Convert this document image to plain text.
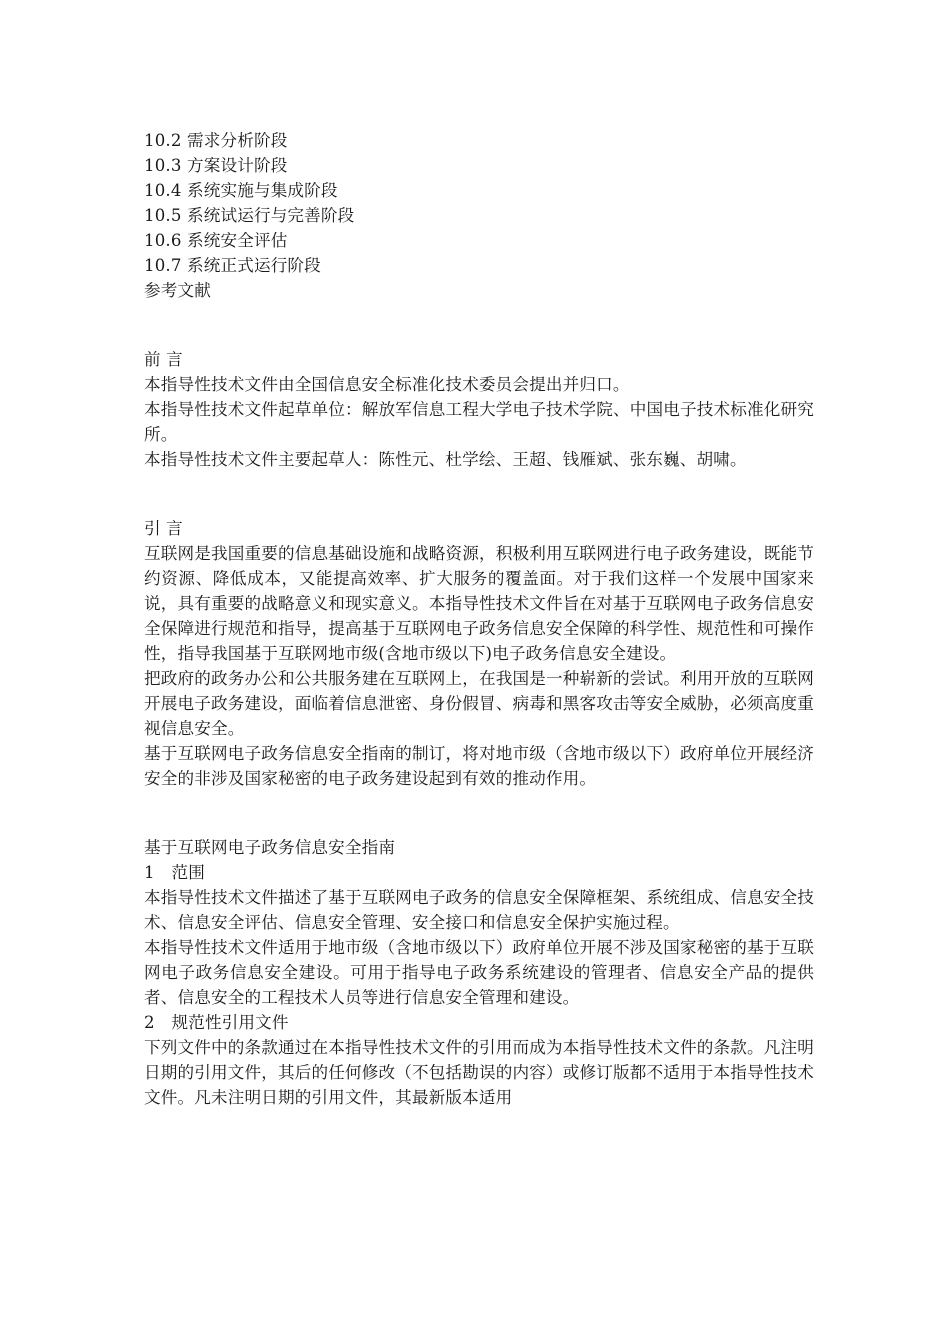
10.2 需求分析阶段
10.3 方案设计阶段
10.4 系统实施与集成阶段
10.5 系统试运行与完善阶段
10.6 系统安全评估
10.7 系统正式运行阶段
参考文献
前 言
本指导性技术文件由全国信息安全标准化技术委员会提出并归口。
本指导性技术文件起草单位：解放军信息工程大学电子技术学院、中国电子技术标准化研究所。
本指导性技术文件主要起草人：陈性元、杜学绘、王超、钱雁斌、张东巍、胡啸。
引 言
互联网是我国重要的信息基础设施和战略资源，积极利用互联网进行电子政务建设，既能节约资源、降低成本，又能提高效率、扩大服务的覆盖面。对于我们这样一个发展中国家来说，具有重要的战略意义和现实意义。本指导性技术文件旨在对基于互联网电子政务信息安全保障进行规范和指导，提高基于互联网电子政务信息安全保障的科学性、规范性和可操作性，指导我国基于互联网地市级(含地市级以下)电子政务信息安全建设。
把政府的政务办公和公共服务建在互联网上，在我国是一种崭新的尝试。利用开放的互联网开展电子政务建设，面临着信息泄密、身份假冒、病毒和黑客攻击等安全威胁，必须高度重视信息安全。
基于互联网电子政务信息安全指南的制订，将对地市级（含地市级以下）政府单位开展经济安全的非涉及国家秘密的电子政务建设起到有效的推动作用。
基于互联网电子政务信息安全指南
1　范围
本指导性技术文件描述了基于互联网电子政务的信息安全保障框架、系统组成、信息安全技术、信息安全评估、信息安全管理、安全接口和信息安全保护实施过程。
本指导性技术文件适用于地市级（含地市级以下）政府单位开展不涉及国家秘密的基于互联网电子政务信息安全建设。可用于指导电子政务系统建设的管理者、信息安全产品的提供者、信息安全的工程技术人员等进行信息安全管理和建设。
2　规范性引用文件
下列文件中的条款通过在本指导性技术文件的引用而成为本指导性技术文件的条款。凡注明日期的引用文件，其后的任何修改（不包括勘误的内容）或修订版都不适用于本指导性技术文件。凡未注明日期的引用文件，其最新版本适用
